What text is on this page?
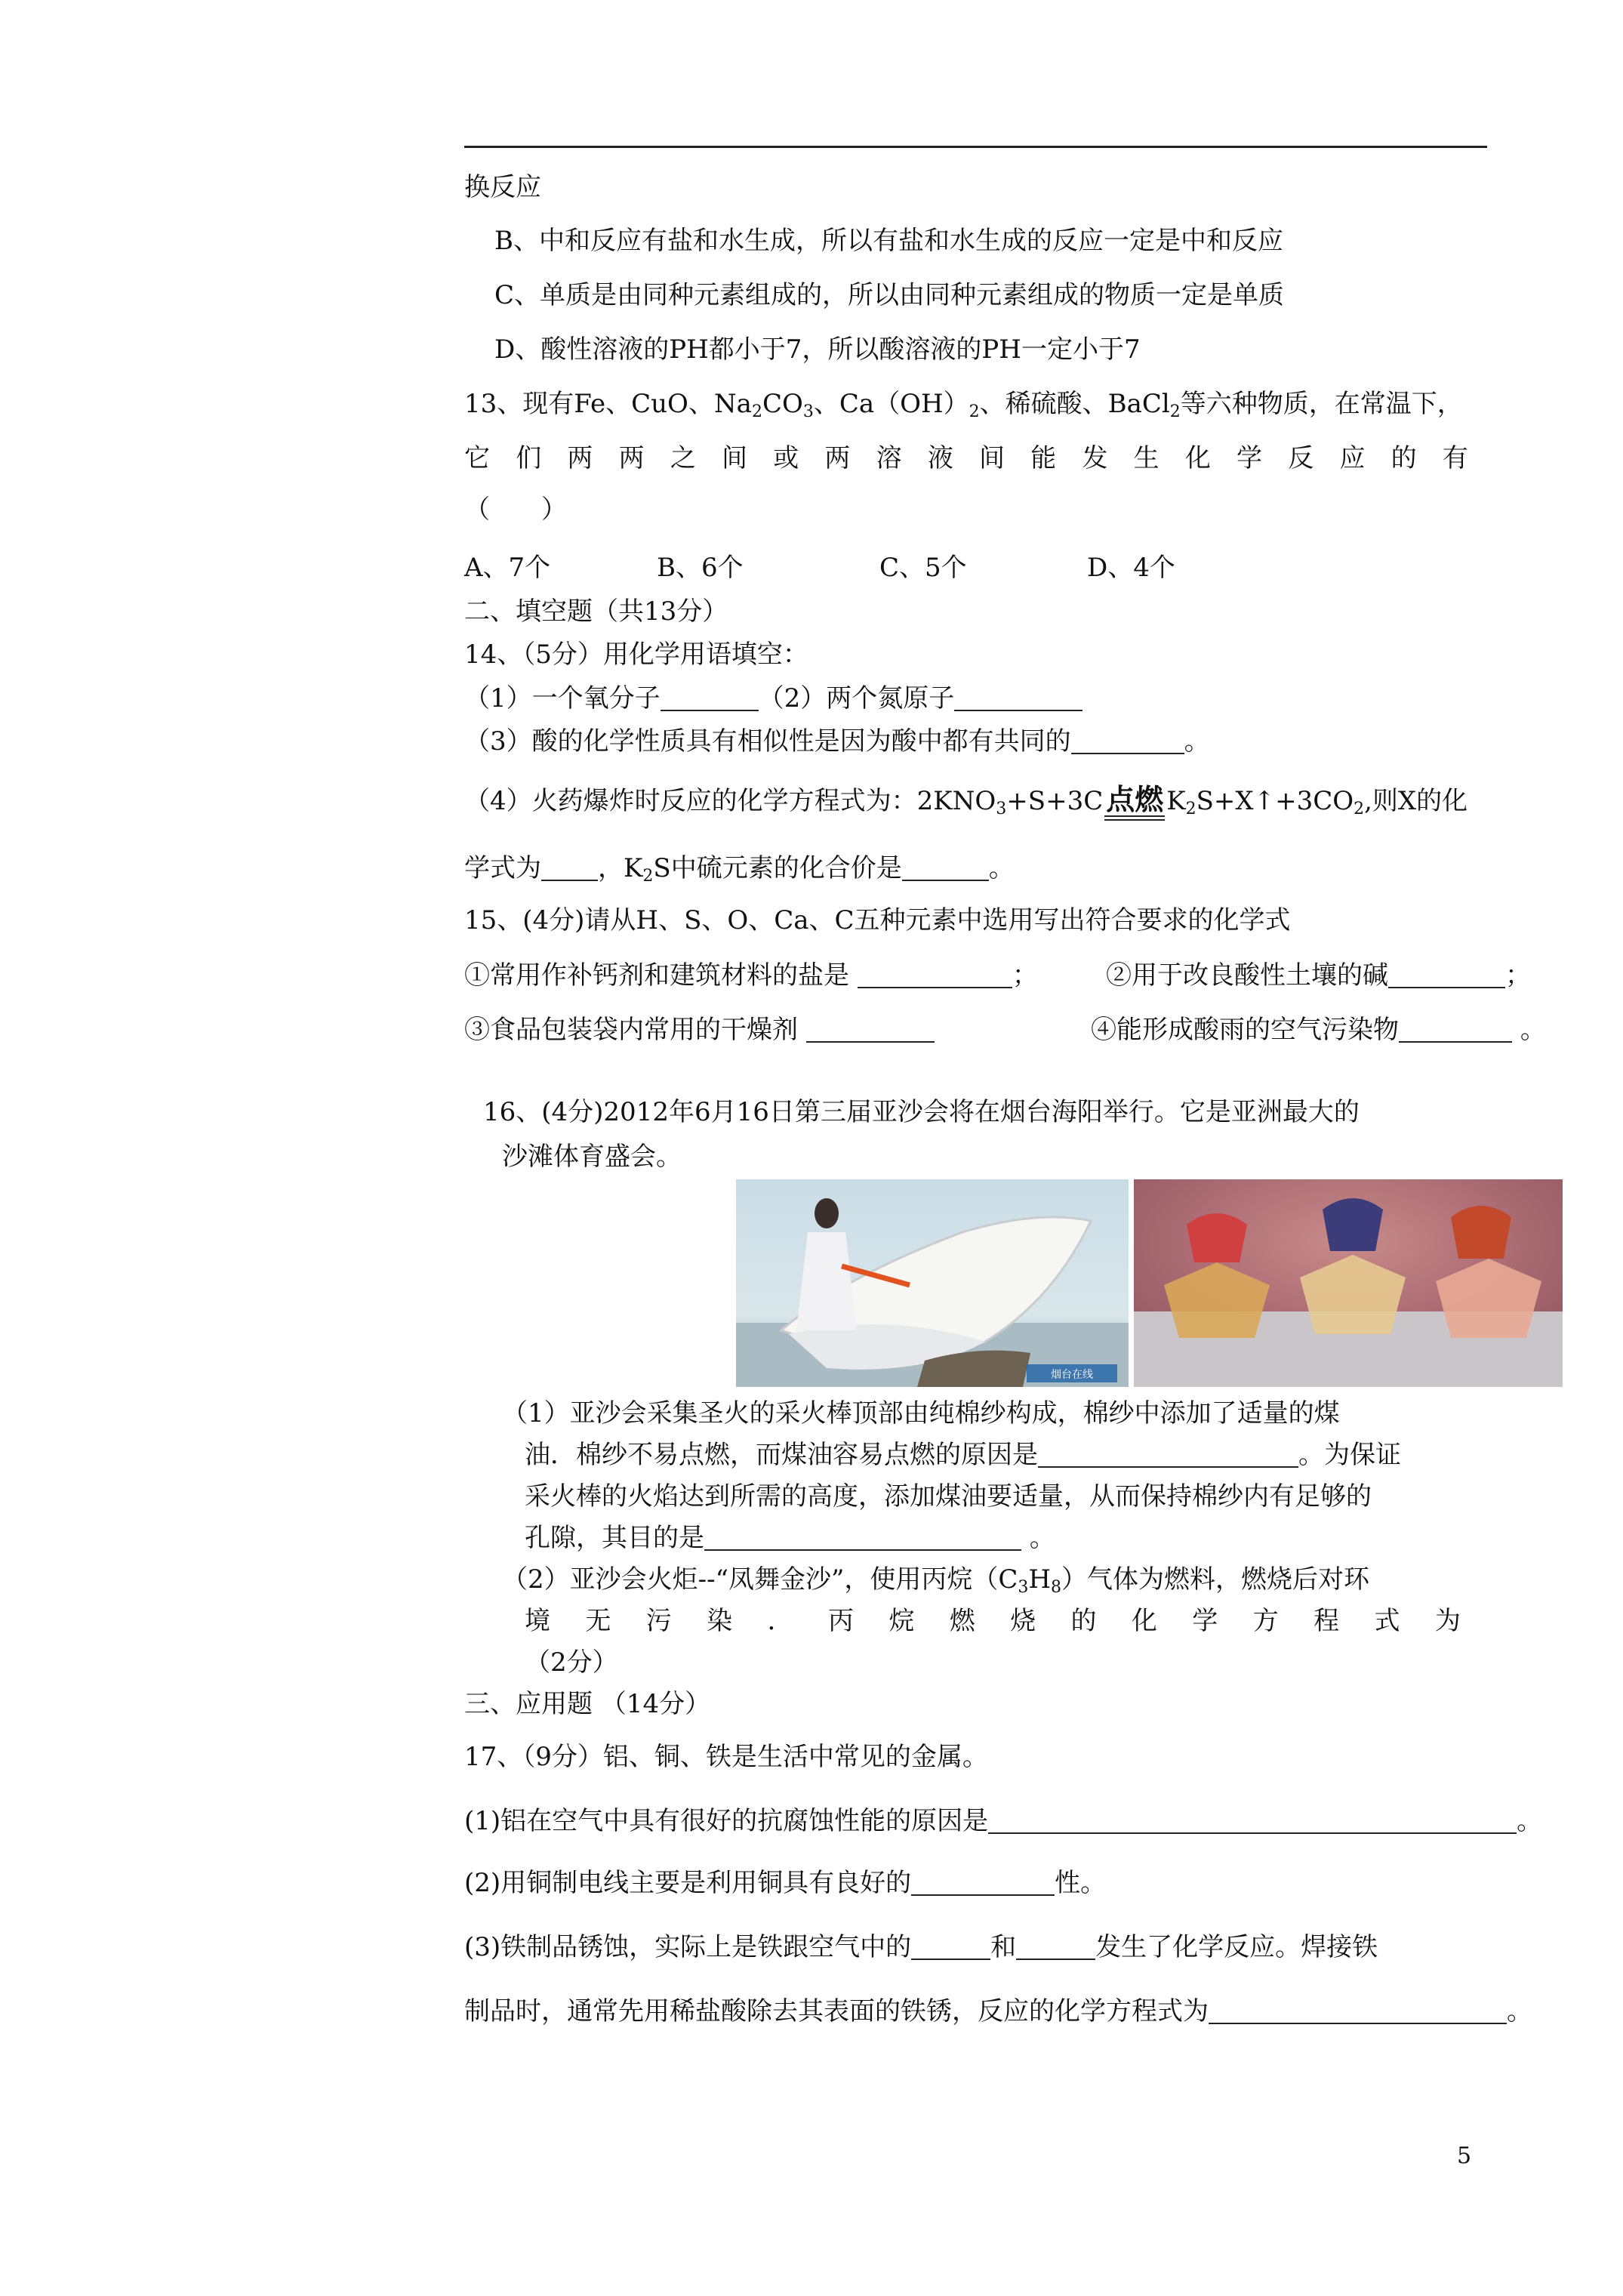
换反应
B、中和反应有盐和水生成，所以有盐和水生成的反应一定是中和反应
C、单质是由同种元素组成的，所以由同种元素组成的物质一定是单质
D、酸性溶液的PH都小于7，所以酸溶液的PH一定小于7
13、现有Fe、CuO、$Na_2CO_3$、$Ca(OH)_2$、稀硫酸、BaCl$_2$等六种物质，在常温下，
它 们 两 两 之 间 或 两 溶 液 间 能 发 生 化 学 反 应 的 有
（　　）
A、7个	B、6个	C、5个	D、4个
二、填空题（共13分）
14、（5分）用化学用语填空：
（1）一个氧分子	（2）两个氮原子
（3）酸的化学性质具有相似性是因为酸中都有共同的	。
（4）火药爆炸时反应的化学方程式为：$2KNO_3+S+3C$ 点燃 $K_2S+X↑+3CO_2$,则X的化
学式为 ，$K_2S$中硫元素的化合价是	。
15、(4分)请从H、S、O、Ca、C五种元素中选用写出符合要求的化学式
①常用作补钙剂和建筑材料的盐是	；	②用于改良酸性土壤的碱	；
③食品包装袋内常用的干燥剂	④能形成酸雨的空气污染物	。
16、(4分)2012年6月16日第三届亚沙会将在烟台海阳举行。它是亚洲最大的
沙滩体育盛会。
烟台在线
（1）亚沙会采集圣火的采火棒顶部由纯棉纱构成，棉纱中添加了适量的煤
油．棉纱不易点燃，而煤油容易点燃的原因是	。为保证
采火棒的火焰达到所需的高度，添加煤油要适量，从而保持棉纱内有足够的
孔隙，其目的是	。
（2）亚沙会火炬--“凤舞金沙”，使用丙烷$(C_3H_8)$气体为燃料，燃烧后对环
境 无 污 染 ． 丙 烷 燃 烧 的 化 学 方 程 式 为
（2分）
三、应用题 （14分）
17、（9分）铝、铜、铁是生活中常见的金属。
(1)铝在空气中具有很好的抗腐蚀性能的原因是	。
(2)用铜制电线主要是利用铜具有良好的	性。
(3)铁制品锈蚀，实际上是铁跟空气中的	和	发生了化学反应。焊接铁
制品时，通常先用稀盐酸除去其表面的铁锈，反应的化学方程式为	。
5
